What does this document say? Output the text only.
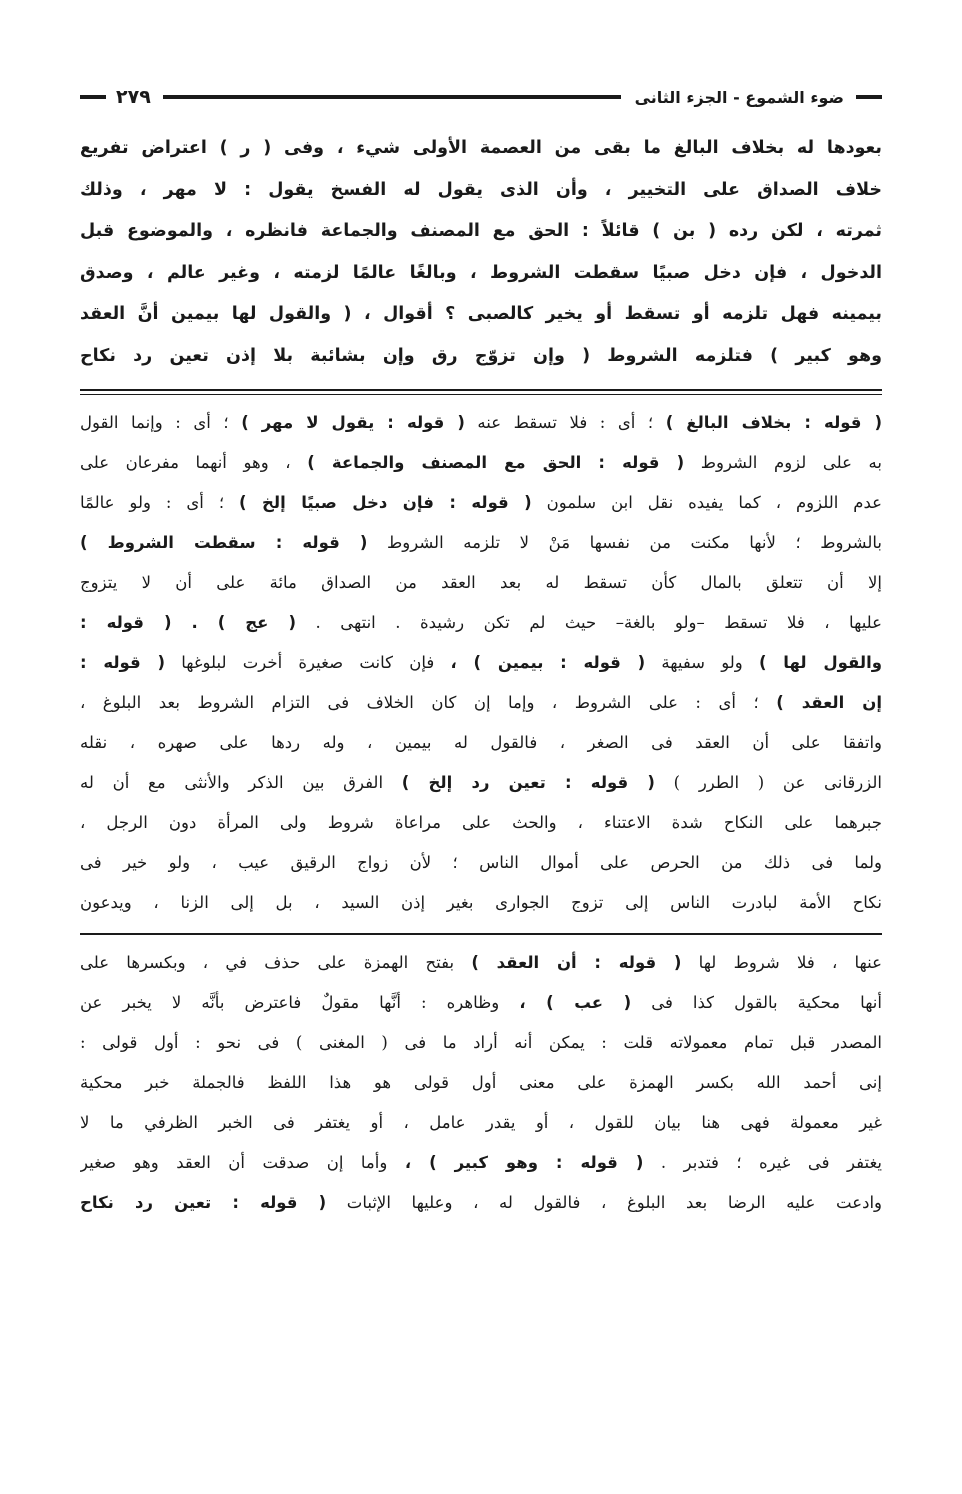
ضوء الشموع - الجزء الثانى
٢٧٩
بعودها له بخلاف البالغ ما بقى من العصمة الأولى شيء ، وفى ( ر ) اعتراض تفريع
خلاف الصداق على التخيير ، وأن الذى يقول له الفسخ يقول : لا مهر ، وذلك
ثمرته ، لكن رده ( بن ) قائلاً : الحق مع المصنف والجماعة فانظره ، والموضوع قبل
الدخول ، فإن دخل صبيًا سقطت الشروط ، وبالغًا عالمًا لزمته ، وغير عالم ، وصدق
بيمينه فهل تلزمه أو تسقط أو يخير كالصبى ؟ أقوال ، ( والقول لها بيمين أنَّ العقد
وهو كبير ) فتلزمه الشروط ( وإن تزوّج رق وإن بشائبة بلا إذن تعين رد نكاح
( قوله : بخلاف البالغ ) ؛ أى : فلا تسقط عنه ( قوله : يقول لا مهر ) ؛ أى : وإنما القول
به على لزوم الشروط ( قوله : الحق مع المصنف والجماعة ) ، وهو أنهما مفرعان على
عدم اللزوم ، كما يفيده نقل ابن سلمون ( قوله : فإن دخل صبيًا إلخ ) ؛ أى : ولو عالمًا
بالشروط ؛ لأنها مكنت من نفسها مَنْ لا تلزمه الشروط ( قوله : سقطت الشروط )
إلا أن تتعلق بالمال كأن تسقط له بعد العقد من الصداق مائة على أن لا يتزوج
عليها ، فلا تسقط –ولو بالغة– حيث لم تكن رشيدة . انتهى . ( عج ) . ( قوله :
والقول لها ) ولو سفيهة ( قوله : بيمين ) ، فإن كانت صغيرة أخرت لبلوغها ( قوله :
إن العقد ) ؛ أى : على الشروط ، وإما إن كان الخلاف فى التزام الشروط بعد البلوغ ،
واتفقا على أن العقد فى الصغر ، فالقول له بيمين ، وله ردها على صهره ، نقله
الزرقانى عن ( الطرر ) ( قوله : تعين رد إلخ ) الفرق بين الذكر والأنثى مع أن له
جبرهما على النكاح شدة الاعتناء ، والحث على مراعاة شروط ولى المرأة دون الرجل ،
ولما فى ذلك من الحرص على أموال الناس ؛ لأن زواج الرقيق عيب ، ولو خير فى
نكاح الأمة لبادرت الناس إلى تزوج الجوارى بغير إذن السيد ، بل إلى الزنا ، ويدعون
عنها ، فلا شروط لها ( قوله : أن العقد ) بفتح الهمزة على حذف في ، وبكسرها على
أنها محكية بالقول كذا فى ( عب ) ، وظاهره : أنَّها مقولٌ فاعترض بأنَّه لا يخبر عن
المصدر قبل تمام معمولاته قلت : يمكن أنه أراد ما فى ( المغنى ) فى نحو : أول قولى :
إنى أحمد الله بكسر الهمزة على معنى أول قولى هو هذا اللفظ فالجملة خبر محكية
غير معمولة فهى هنا بيان للقول ، أو يقدر عامل ، أو يغتفر فى الخبر الظرفي ما لا
يغتفر فى غيره ؛ فتدبر . ( قوله : وهو كبير ) ، وأما إن صدقت أن العقد وهو صغير
وادعت عليه الرضا بعد البلوغ ، فالقول له ، وعليها الإثبات ( قوله : تعين رد نكاح
